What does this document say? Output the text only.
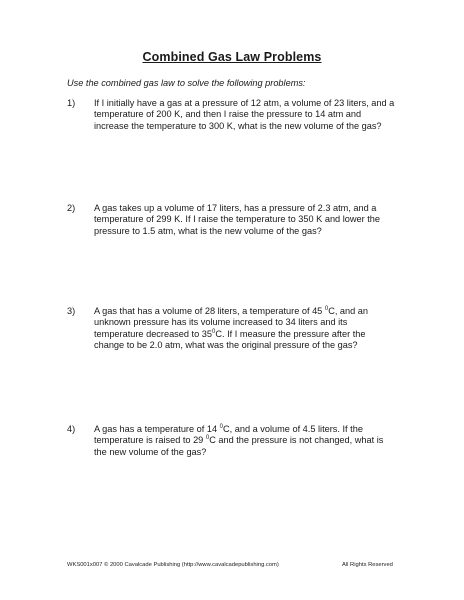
Combined Gas Law Problems
Use the combined gas law to solve the following problems:
1) If I initially have a gas at a pressure of 12 atm, a volume of 23 liters, and a
temperature of 200 K, and then I raise the pressure to 14 atm and
increase the temperature to 300 K, what is the new volume of the gas?
2) A gas takes up a volume of 17 liters, has a pressure of 2.3 atm, and a
temperature of 299 K. If I raise the temperature to 350 K and lower the
pressure to 1.5 atm, what is the new volume of the gas?
3) A gas that has a volume of 28 liters, a temperature of 45 $^0$C, and an
unknown pressure has its volume increased to 34 liters and its
temperature decreased to $35^0C$. If I measure the pressure after the
change to be 2.0 atm, what was the original pressure of the gas?
4) A gas has a temperature of 14 $^0$C, and a volume of 4.5 liters. If the
temperature is raised to 29 $^0$C and the pressure is not changed, what is
the new volume of the gas?
WKS001x007 © 2000 Cavalcade Publishing (http://www.cavalcadepublishing.com)	All Rights Reserved
